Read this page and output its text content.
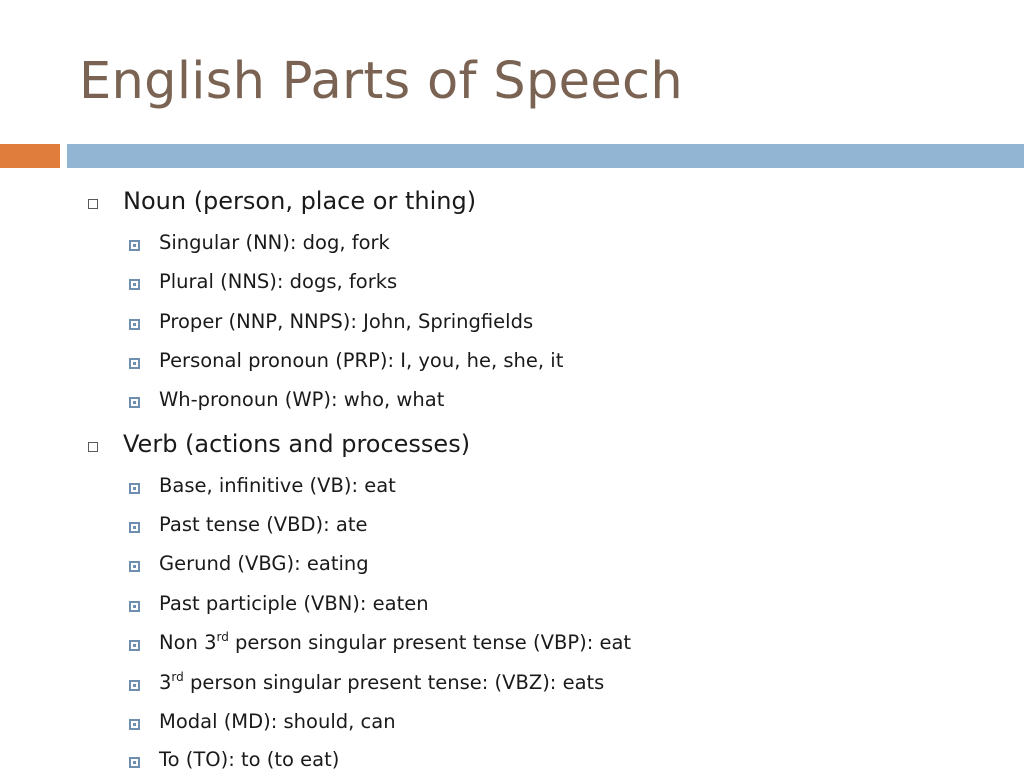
English Parts of Speech
Noun (person, place or thing)
Singular (NN): dog, fork
Plural (NNS): dogs, forks
Proper (NNP, NNPS): John, Springfields
Personal pronoun (PRP): I, you, he, she, it
Wh-pronoun (WP): who, what
Verb (actions and processes)
Base, infinitive (VB): eat
Past tense (VBD): ate
Gerund (VBG): eating
Past participle (VBN): eaten
Non 3rd person singular present tense (VBP): eat
3rd person singular present tense: (VBZ): eats
Modal (MD): should, can
To (TO): to (to eat)
